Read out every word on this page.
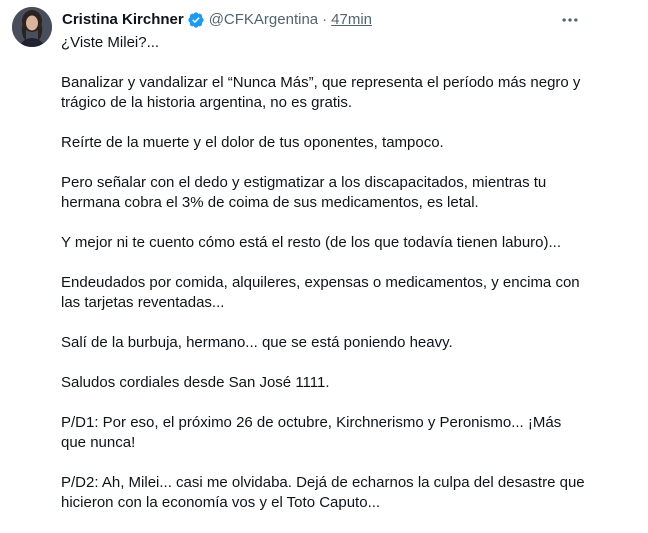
Cristina Kirchner @CFKArgentina · 47min

¿Viste Milei?...

Banalizar y vandalizar el “Nunca Más”, que representa el período más negro y
trágico de la historia argentina, no es gratis.

Reírte de la muerte y el dolor de tus oponentes, tampoco.

Pero señalar con el dedo y estigmatizar a los discapacitados, mientras tu
hermana cobra el 3% de coima de sus medicamentos, es letal.

Y mejor ni te cuento cómo está el resto (de los que todavía tienen laburo)...

Endeudados por comida, alquileres, expensas o medicamentos, y encima con
las tarjetas reventadas...

Salí de la burbuja, hermano... que se está poniendo heavy.

Saludos cordiales desde San José 1111.

P/D1: Por eso, el próximo 26 de octubre, Kirchnerismo y Peronismo... ¡Más
que nunca!

P/D2: Ah, Milei... casi me olvidaba. Dejá de echarnos la culpa del desastre que
hicieron con la economía vos y el Toto Caputo...
